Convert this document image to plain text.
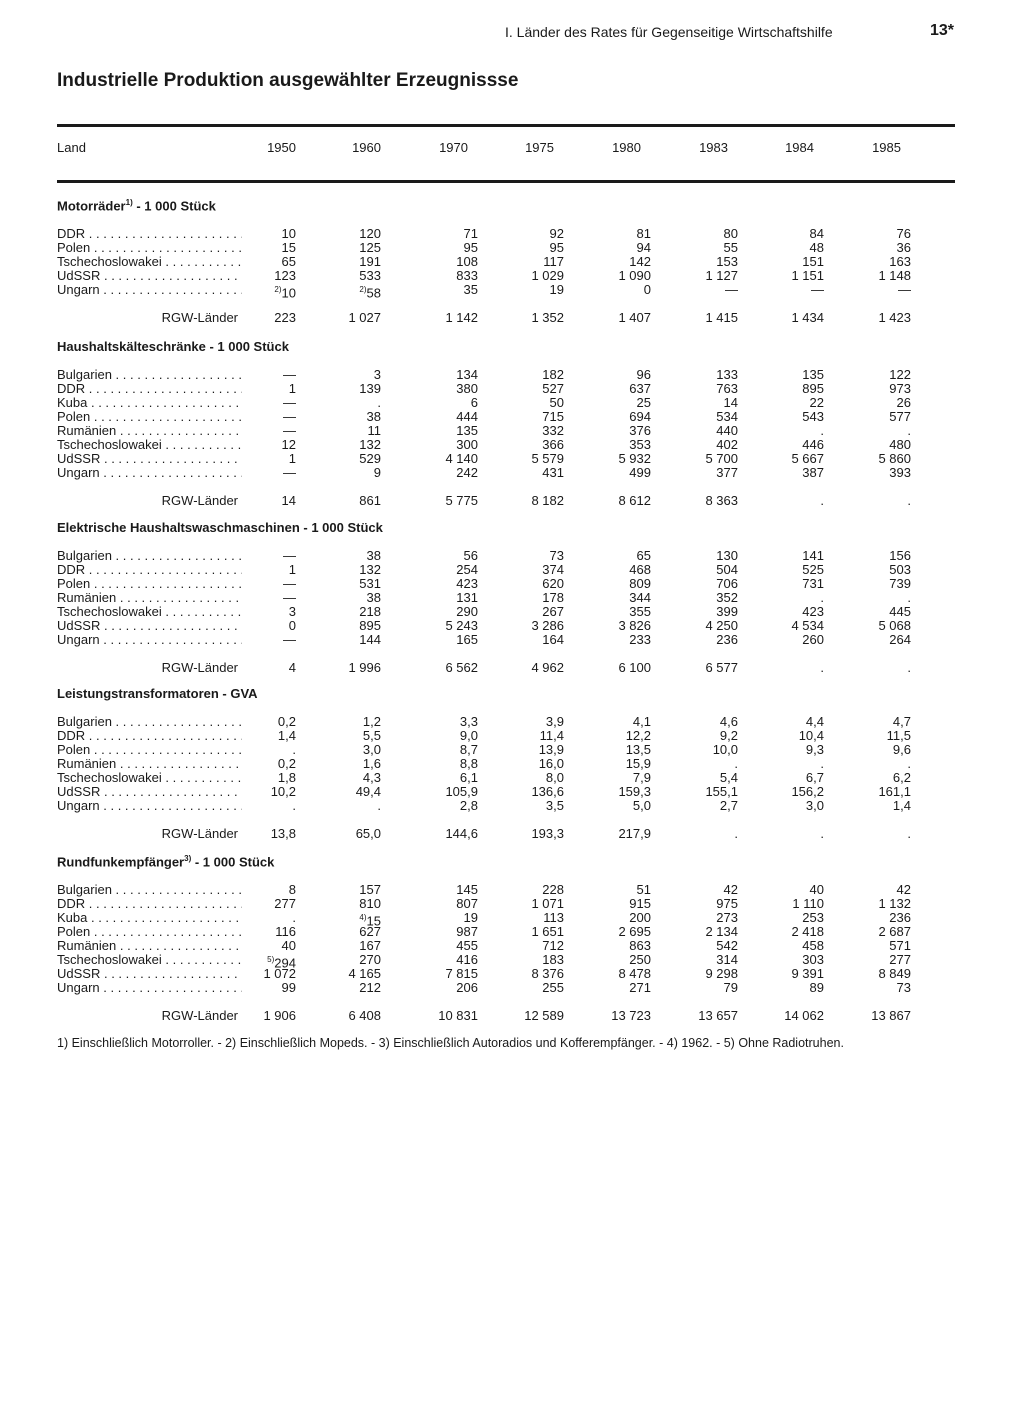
I. Länder des Rates für Gegenseitige Wirtschaftshilfe	13*
Industrielle Produktion ausgewählter Erzeugnissse
Land	1950	1960	1970	1975	1980	1983	1984	1985
Motorräder$^{1)}$ - 1 000 Stück
DDR . . .	10	120	71	92	81	80	84	76
Polen . . .	15	125	95	95	94	55	48	36
Tschechoslowakei . . .	65	191	108	117	142	153	151	163
UdSSR . . .	123	533	833	1 029	1 090	1 127	1 151	1 148
Ungarn . . .	$^{2)}$10	$^{2)}$58	35	19	0	—	—	—
RGW-Länder	223	1 027	1 142	1 352	1 407	1 415	1 434	1 423
Haushaltskälteschränke - 1 000 Stück
Bulgarien . . .	—	3	134	182	96	133	135	122
DDR . . .	1	139	380	527	637	763	895	973
Kuba . . .	—	.	6	50	25	14	22	26
Polen . . .	—	38	444	715	694	534	543	577
Rumänien . . .	—	11	135	332	376	440	.	.
Tschechoslowakei . . .	12	132	300	366	353	402	446	480
UdSSR . . .	1	529	4 140	5 579	5 932	5 700	5 667	5 860
Ungarn . . .	—	9	242	431	499	377	387	393
RGW-Länder	14	861	5 775	8 182	8 612	8 363	.	.
Elektrische Haushaltswaschmaschinen - 1 000 Stück
Bulgarien . . .	—	38	56	73	65	130	141	156
DDR . . .	1	132	254	374	468	504	525	503
Polen . . .	—	531	423	620	809	706	731	739
Rumänien . . .	—	38	131	178	344	352	.	.
Tschechoslowakei . . .	3	218	290	267	355	399	423	445
UdSSR . . .	0	895	5 243	3 286	3 826	4 250	4 534	5 068
Ungarn . . .	—	144	165	164	233	236	260	264
RGW-Länder	4	1 996	6 562	4 962	6 100	6 577	.	.
Leistungstransformatoren - GVA
Bulgarien . . .	0,2	1,2	3,3	3,9	4,1	4,6	4,4	4,7
DDR . . .	1,4	5,5	9,0	11,4	12,2	9,2	10,4	11,5
Polen . . .	.	3,0	8,7	13,9	13,5	10,0	9,3	9,6
Rumänien . . .	0,2	1,6	8,8	16,0	15,9	.	.	.
Tschechoslowakei . . .	1,8	4,3	6,1	8,0	7,9	5,4	6,7	6,2
UdSSR . . .	10,2	49,4	105,9	136,6	159,3	155,1	156,2	161,1
Ungarn . . .	.	.	2,8	3,5	5,0	2,7	3,0	1,4
RGW-Länder	13,8	65,0	144,6	193,3	217,9	.	.	.
Rundfunkempfänger$^{3)}$ - 1 000 Stück
Bulgarien . . .	8	157	145	228	51	42	40	42
DDR . . .	277	810	807	1 071	915	975	1 110	1 132
Kuba . . .	.	$^{4)}$15	19	113	200	273	253	236
Polen . . .	116	627	987	1 651	2 695	2 134	2 418	2 687
Rumänien . . .	40	167	455	712	863	542	458	571
Tschechoslowakei . . .	$^{5)}$294	270	416	183	250	314	303	277
UdSSR . . .	1 072	4 165	7 815	8 376	8 478	9 298	9 391	8 849
Ungarn . . .	99	212	206	255	271	79	89	73
RGW-Länder	1 906	6 408	10 831	12 589	13 723	13 657	14 062	13 867
1) Einschließlich Motorroller. - 2) Einschließlich Mopeds. - 3) Einschließlich Autoradios und Kofferempfänger. - 4) 1962. - 5) Ohne Radiotruhen.
